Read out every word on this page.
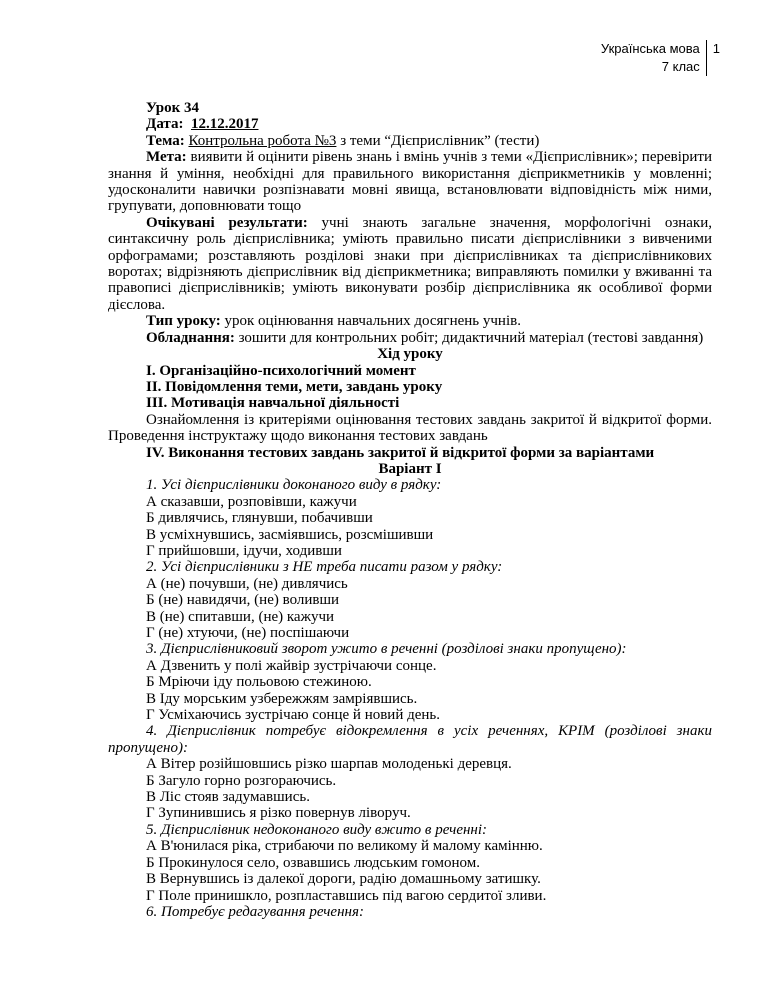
Українська мова
7 клас
1

Урок 34

Дата: 12.12.2017

Тема: Контрольна робота №3 з теми “Дієприслівник” (тести)

Мета: виявити й оцінити рівень знань і вмінь учнів з теми «Дієприслівник»; перевірити знання й уміння, необхідні для правильного використання дієприкметників у мовленні; удосконалити навички розпізнавати мовні явища, встановлювати відповідність між ними, групувати, доповнювати тощо

Очікувані результати: учні знають загальне значення, морфологічні ознаки, синтаксичну роль дієприслівника; уміють правильно писати дієприслівники з вивченими орфограмами; розставляють розділові знаки при дієприслівниках та дієприслівникових воротах; відрізняють дієприслівник від дієприкметника; виправляють помилки у вживанні та правописі дієприслівників; уміють виконувати розбір дієприслівника як особливої форми дієслова.

Тип уроку: урок оцінювання навчальних досягнень учнів.

Обладнання: зошити для контрольних робіт; дидактичний матеріал (тестові завдання)

Хід уроку

І. Організаційно-психологічний момент

ІІ. Повідомлення теми, мети, завдань уроку

ІІІ. Мотивація навчальної діяльності

Ознайомлення із критеріями оцінювання тестових завдань закритої й відкритої форми. Проведення інструктажу щодо виконання тестових завдань

IV. Виконання тестових завдань закритої й відкритої форми за варіантами

Варіант І

1. Усі дієприслівники доконаного виду в рядку:

А сказавши, розповівши, кажучи

Б дивлячись, глянувши, побачивши

В усміхнувшись, засміявшись, розсмішивши

Г прийшовши, ідучи, ходивши

2. Усі дієприслівники з НЕ треба писати разом у рядку:

А (не) почувши, (не) дивлячись

Б (не) навидячи, (не) воливши

В (не) спитавши, (не) кажучи

Г (не) хтуючи, (не) поспішаючи

3. Дієприслівниковий зворот ужито в реченні (розділові знаки пропущено):

А Дзвенить у полі жайвір зустрічаючи сонце.

Б Мріючи іду польовою стежиною.

В Іду морським узбережжям замріявшись.

Г Усміхаючись зустрічаю сонце й новий день.

4. Дієприслівник потребує відокремлення в усіх реченнях, КРІМ (розділові знаки пропущено):

А Вітер розійшовшись різко шарпав молоденькі деревця.

Б Загуло горно розгораючись.

В Ліс стояв задумавшись.

Г Зупинившись я різко повернув ліворуч.

5. Дієприслівник недоконаного виду вжито в реченні:

А В'юнилася ріка, стрибаючи по великому й малому камінню.

Б Прокинулося село, озвавшись людським гомоном.

В Вернувшись із далекої дороги, радію домашньому затишку.

Г Поле принишкло, розпластавшись під вагою сердитої зливи.

6. Потребує редагування речення:
